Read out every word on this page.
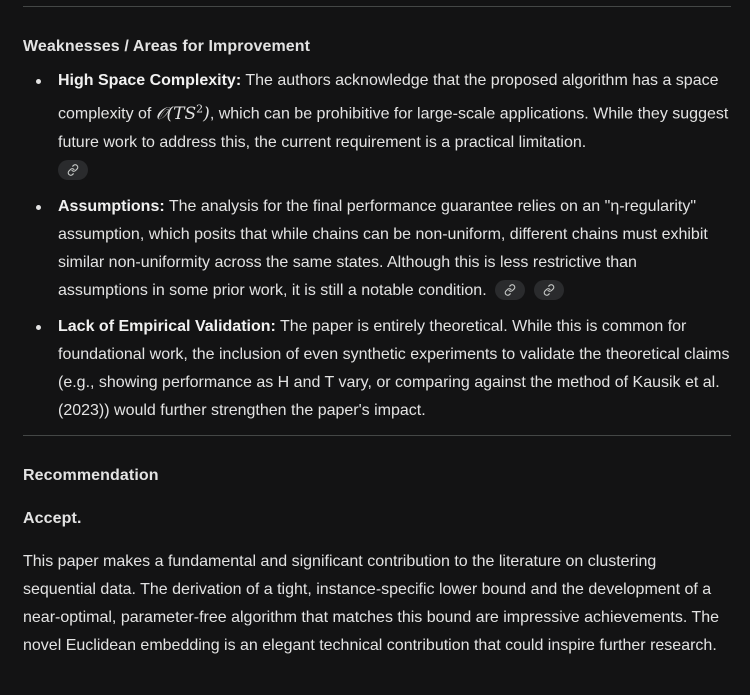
Weaknesses / Areas for Improvement
High Space Complexity: The authors acknowledge that the proposed algorithm has a space complexity of $𝒪(TS^2)$, which can be prohibitive for large-scale applications. While they suggest future work to address this, the current requirement is a practical limitation.
Assumptions: The analysis for the final performance guarantee relies on an "η-regularity" assumption, which posits that while chains can be non-uniform, different chains must exhibit similar non-uniformity across the same states. Although this is less restrictive than assumptions in some prior work, it is still a notable condition.

Lack of Empirical Validation: The paper is entirely theoretical. While this is common for foundational work, the inclusion of even synthetic experiments to validate the theoretical claims (e.g., showing performance as H and T vary, or comparing against the method of Kausik et al. (2023)) would further strengthen the paper's impact.
Recommendation
Accept.

This paper makes a fundamental and significant contribution to the literature on clustering sequential data. The derivation of a tight, instance-specific lower bound and the development of a near-optimal, parameter-free algorithm that matches this bound are impressive achievements. The novel Euclidean embedding is an elegant technical contribution that could inspire further research.
